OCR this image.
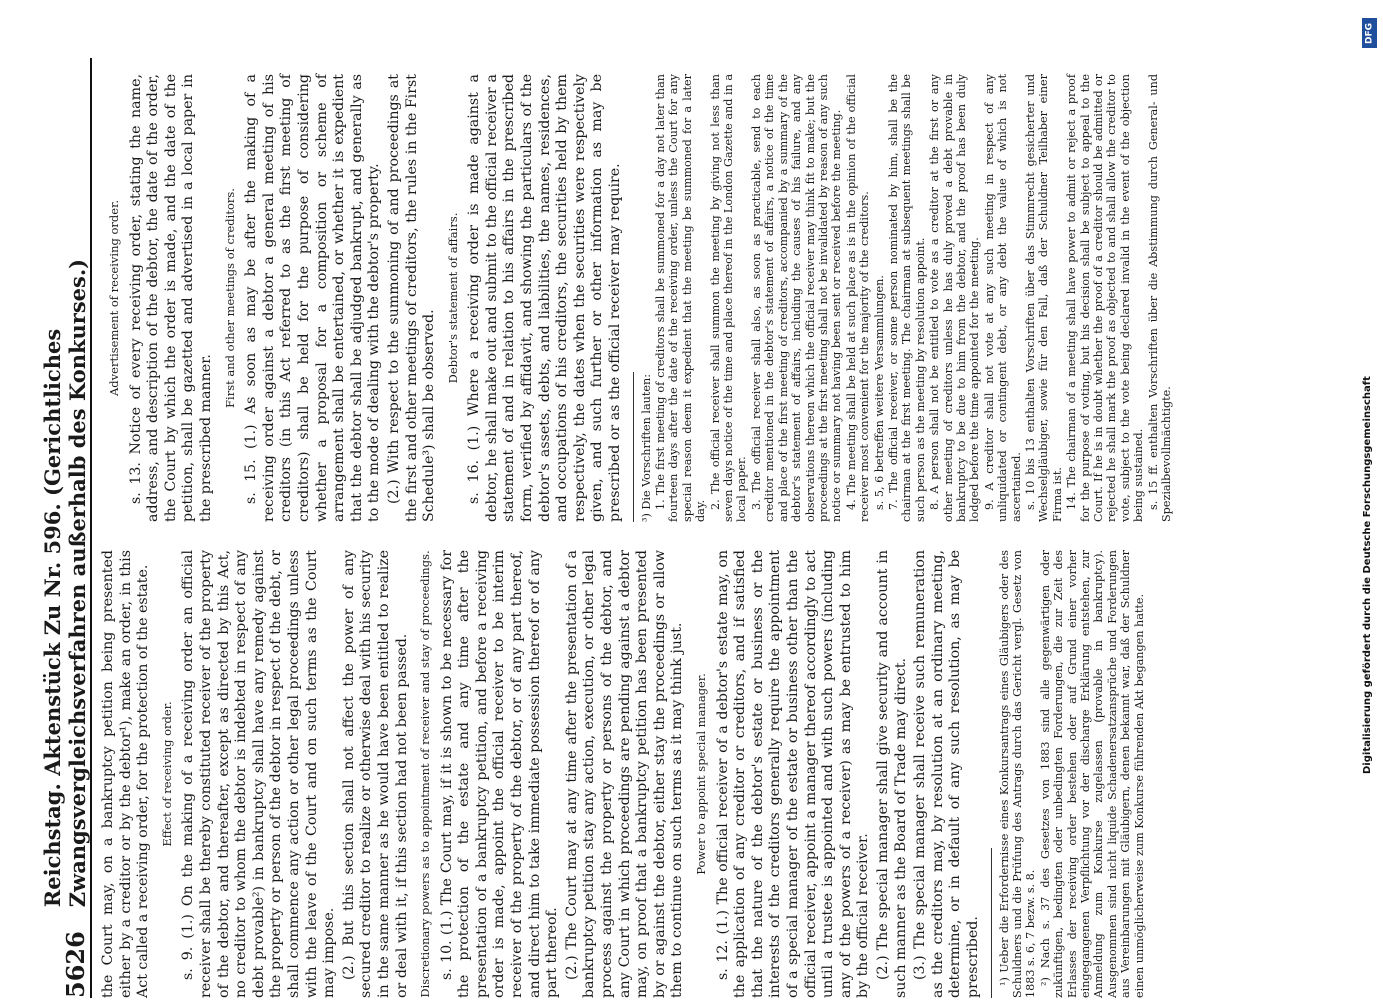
5626
Reichstag. Aktenstück Zu Nr. 596. (Gerichtliches Zwangsvergleichsverfahren außerhalb des Konkurses.) the Court may, on a bankruptcy petition being presented either by a creditor or by the debtor¹), make an order, in this Act called a receiving order, for the protection of the estate. Effect of receiving order. s. 9. (1.) On the making of a receiving order an official receiver shall be thereby constituted receiver of the property of the debtor, and thereafter, except as directed by this Act, no creditor to whom the debtor is indebted in respect of any debt provable²) in bankruptcy shall have any remedy against the property or person of the debtor in respect of the debt, or shall commence any action or other legal proceedings unless with the leave of the Court and on such terms as the Court may impose. (2.) But this section shall not affect the power of any secured creditor to realize or otherwise deal with his security in the same manner as he would have been entitled to realize or deal with it, if this section had not been passed. Discretionary powers as to appointment of receiver and stay of proceedings. s. 10. (1.) The Court may, if it is shown to be necessary for the protection of the estate and any time after the presentation of a bankruptcy petition, and before a receiving order is made, appoint the official receiver to be interim receiver of the property of the debtor, or of any part thereof, and direct him to take immediate possession thereof or of any part thereof. (2.) The Court may at any time after the presentation of a bankruptcy petition stay any action, execution, or other legal process against the property or persons of the debtor, and any Court in which proceedings are pending against a debtor may, on proof that a bankruptcy petition has been presented by or against the debtor, either stay the proceedings or allow them to continue on such terms as it may think just. Power to appoint special manager. s. 12. (1.) The official receiver of a debtor's estate may, on the application of any creditor or creditors, and if satisfied that the nature of the debtor's estate or business or the interests of the creditors generally require the appointment of a special manager of the estate or business other than the official receiver, appoint a manager thereof accordingly to act until a trustee is appointed and with such powers (including any of the powers of a receiver) as may be entrusted to him by the official receiver. (2.) The special manager shall give security and account in such manner as the Board of Trade may direct. (3.) The special manager shall receive such remuneration as the creditors may, by resolution at an ordinary meeting, determine, or in default of any such resolution, as may be prescribed. ¹) Ueber die Erfordernisse eines Konkursantrags eines Gläubigers oder des Schuldners und die Prüfung des Antrags durch das Gericht vergl. Gesetz von 1883 s. 6, 7 bezw. s. 8. ²) Nach s. 37 des Gesetzes von 1883 sind alle gegenwärtigen oder zukünftigen, bedingten oder unbedingten Forderungen, die zur Zeit des Erlasses der receiving order bestehen oder auf Grund einer vorher eingegangenen Verpflichtung vor der discharge Erklärung entstehen, zur Anmeldung zum Konkurse zugelassen (provable in bankruptcy). Ausgenommen sind nicht liquide Schadenersatzansprüche und Forderungen aus Vereinbarungen mit Gläubigern, denen bekannt war, daß der Schuldner einen unmöglicherweise zum Konkurse führenden Akt begangen hatte.

Advertisement of receiving order. s. 13. Notice of every receiving order, stating the name, address, and description of the debtor, the date of the order, the Court by which the order is made, and the date of the petition, shall be gazetted and advertised in a local paper in the prescribed manner.

First and other meetings of creditors. s. 15. (1.) As soon as may be after the making of a receiving order against a debtor a general meeting of his creditors (in this Act referred to as the first meeting of creditors) shall be held for the purpose of considering whether a proposal for a composition or scheme of arrangement shall be entertained, or whether it is expedient that the debtor shall be adjudged bankrupt, and generally as to the mode of dealing with the debtor's property. (2.) With respect to the summoning of and proceedings at the first and other meetings of creditors, the rules in the First Schedule³) shall be observed.

Debtor's statement of affairs. s. 16. (1.) Where a receiving order is made against a debtor, he shall make out and submit to the official receiver a statement of and in relation to his affairs in the prescribed form, verified by affidavit, and showing the particulars of the debtor's assets, debts, and liabilities, the names, residences, and occupations of his creditors, the securities held by them respectively, the dates when the securities were respectively given, and such further or other information as may be prescribed or as the official receiver may require. ³) Die Vorschriften lauten: 1. The first meeting of creditors shall be summoned for a day not later than fourteen days after the date of the receiving order, unless the Court for any special reason deem it expedient that the meeting be summoned for a later day.

2. The official receiver shall summon the meeting by giving not less than seven days notice of the time and place thereof in the London Gazette and in a local paper. 3. The official receiver shall also, as soon as practicable, send to each creditor mentioned in the debtor's statement of affairs, a notice of the time and place of the first meeting of creditors, accompanied by a summary of the debtor's statement of affairs, including the causes of his failure, and any observations thereon which the official receiver may think fit to make; but the proceedings at the first meeting shall not be invalidated by reason of any such notice or summary not having been sent or received before the meeting. 4. The meeting shall be held at such place as is in the opinion of the official receiver most convenient for the majority of the creditors. s. 5, 6 betreffen weitere Versammlungen. 7. The official receiver, or some person nominated by him, shall be the chairman at the first meeting. The chairman at subsequent meetings shall be such person as the meeting by resolution appoint. 8. A person shall not be entitled to vote as a creditor at the first or any other meeting of creditors unless he has duly proved a debt provable in bankruptcy to be due to him from the debtor, and the proof has been duly lodged before the time appointed for the meeting. 9. A creditor shall not vote at any such meeting in respect of any unliquidated or contingent debt, or any debt the value of which is not ascertained. s. 10 bis 13 enthalten Vorschriften über das Stimmrecht gesicherter und Wechselgläubiger, sowie für den Fall, daß der Schuldner Teilhaber einer Firma ist. 14. The chairman of a meeting shall have power to admit or reject a proof for the purpose of voting, but his decision shall be subject to appeal to the Court. If he is in doubt whether the proof of a creditor should be admitted or rejected he shall mark the proof as objected to and shall allow the creditor to vote, subject to the vote being declared invalid in the event of the objection being sustained. s. 15 ff. enthalten Vorschriften über die Abstimmung durch General- und Spezialbevollmächtigte.

DFG
Digitalisierung gefördert durch die Deutsche Forschungsgemeinschaft
